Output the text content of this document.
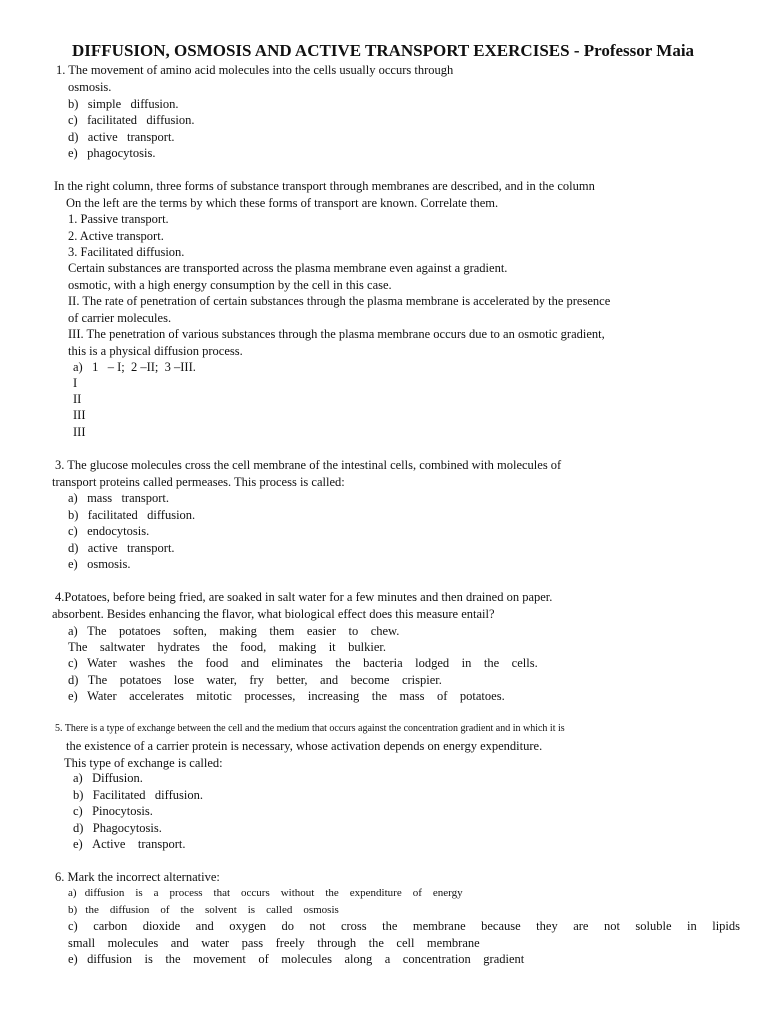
DIFFUSION, OSMOSIS AND ACTIVE TRANSPORT EXERCISES - Professor Maia
1. The movement of amino acid molecules into the cells usually occurs through
osmosis.
b)   simple   diffusion.
c)   facilitated   diffusion.
d)   active   transport.
e)   phagocytosis.
In the right column, three forms of substance transport through membranes are described, and in the column
On the left are the terms by which these forms of transport are known. Correlate them.
1. Passive transport.
2. Active transport.
3. Facilitated diffusion.
Certain substances are transported across the plasma membrane even against a gradient.
osmotic, with a high energy consumption by the cell in this case.
II. The rate of penetration of certain substances through the plasma membrane is accelerated by the presence
of carrier molecules.
III. The penetration of various substances through the plasma membrane occurs due to an osmotic gradient,
this is a physical diffusion process.
a)   1   – I;  2 –II;  3 –III.
I
II
III
III
3. The glucose molecules cross the cell membrane of the intestinal cells, combined with molecules of
transport proteins called permeases. This process is called:
a)   mass   transport.
b)   facilitated   diffusion.
c)   endocytosis.
d)   active   transport.
e)   osmosis.
4.Potatoes, before being fried, are soaked in salt water for a few minutes and then drained on paper.
absorbent. Besides enhancing the flavor, what biological effect does this measure entail?
a)   The    potatoes    soften,    making    them    easier    to    chew.
The    saltwater    hydrates    the    food,    making    it    bulkier.
c)   Water    washes    the    food    and    eliminates    the    bacteria    lodged    in    the    cells.
d)   The    potatoes    lose    water,    fry    better,    and    become    crispier.
e)   Water    accelerates    mitotic    processes,    increasing    the    mass    of    potatoes.
5. There is a type of exchange between the cell and the medium that occurs against the concentration gradient and in which it is
the existence of a carrier protein is necessary, whose activation depends on energy expenditure.
This type of exchange is called:
a)   Diffusion.
b)   Facilitated   diffusion.
c)   Pinocytosis.
d)   Phagocytosis.
e)   Active    transport.
6. Mark the incorrect alternative:
a)   diffusion    is    a    process    that    occurs    without    the    expenditure    of    energy
b)   the    diffusion    of    the    solvent    is    called    osmosis
c) carbon dioxide and oxygen do not cross the membrane because they are not soluble in lipids
small    molecules    and    water    pass    freely    through    the    cell    membrane
e)   diffusion    is    the    movement    of    molecules    along    a    concentration    gradient
